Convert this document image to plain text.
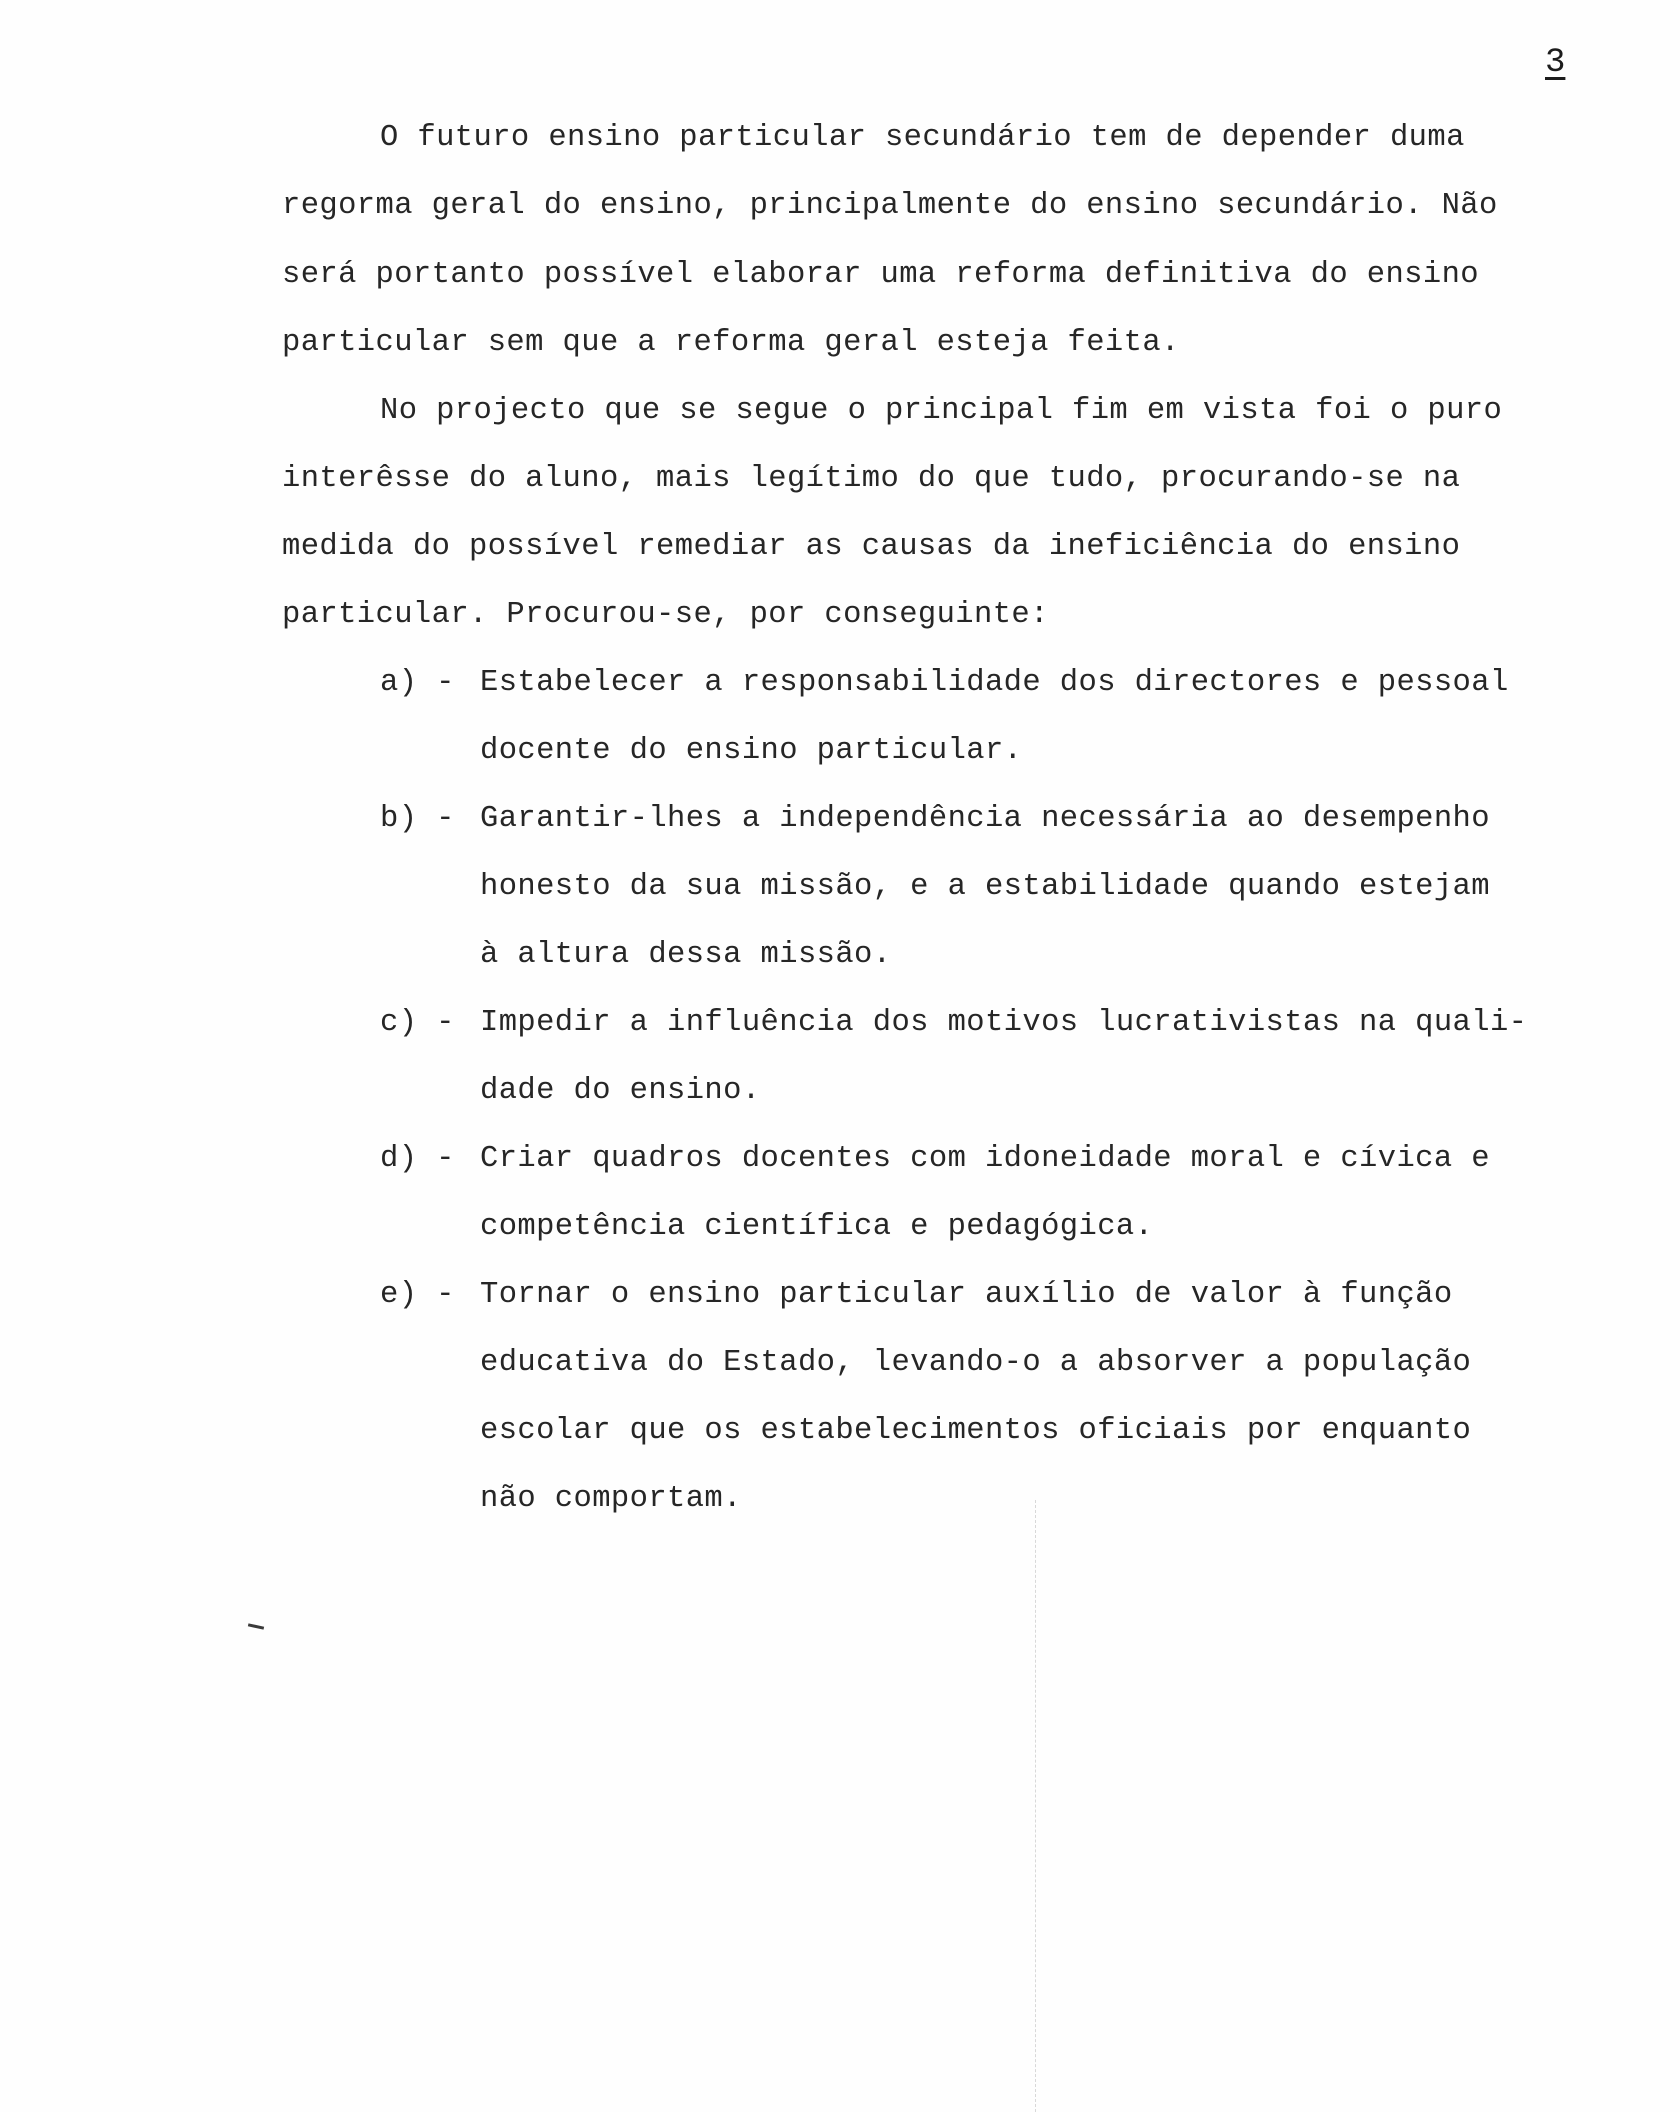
3
O futuro ensino particular secundário tem de depender duma
regorma geral do ensino, principalmente do ensino secundário. Não
será portanto possível elaborar uma reforma definitiva do ensino
particular sem que a reforma geral esteja feita.
No projecto que se segue o principal fim em vista foi o puro
interêsse do aluno, mais legítimo do que tudo, procurando-se na
medida do possível remediar as causas da ineficiência do ensino
particular. Procurou-se, por conseguinte:
a) - Estabelecer a responsabilidade dos directores e pessoal
docente do ensino particular.
b) - Garantir-lhes a independência necessária ao desempenho
honesto da sua missão, e a estabilidade quando estejam
à altura dessa missão.
c) - Impedir a influência dos motivos lucrativistas na quali-
dade do ensino.
d) - Criar quadros docentes com idoneidade moral e cívica e
competência científica e pedagógica.
e) - Tornar o ensino particular auxílio de valor à função
educativa do Estado, levando-o a absorver a população
escolar que os estabelecimentos oficiais por enquanto
não comportam.
